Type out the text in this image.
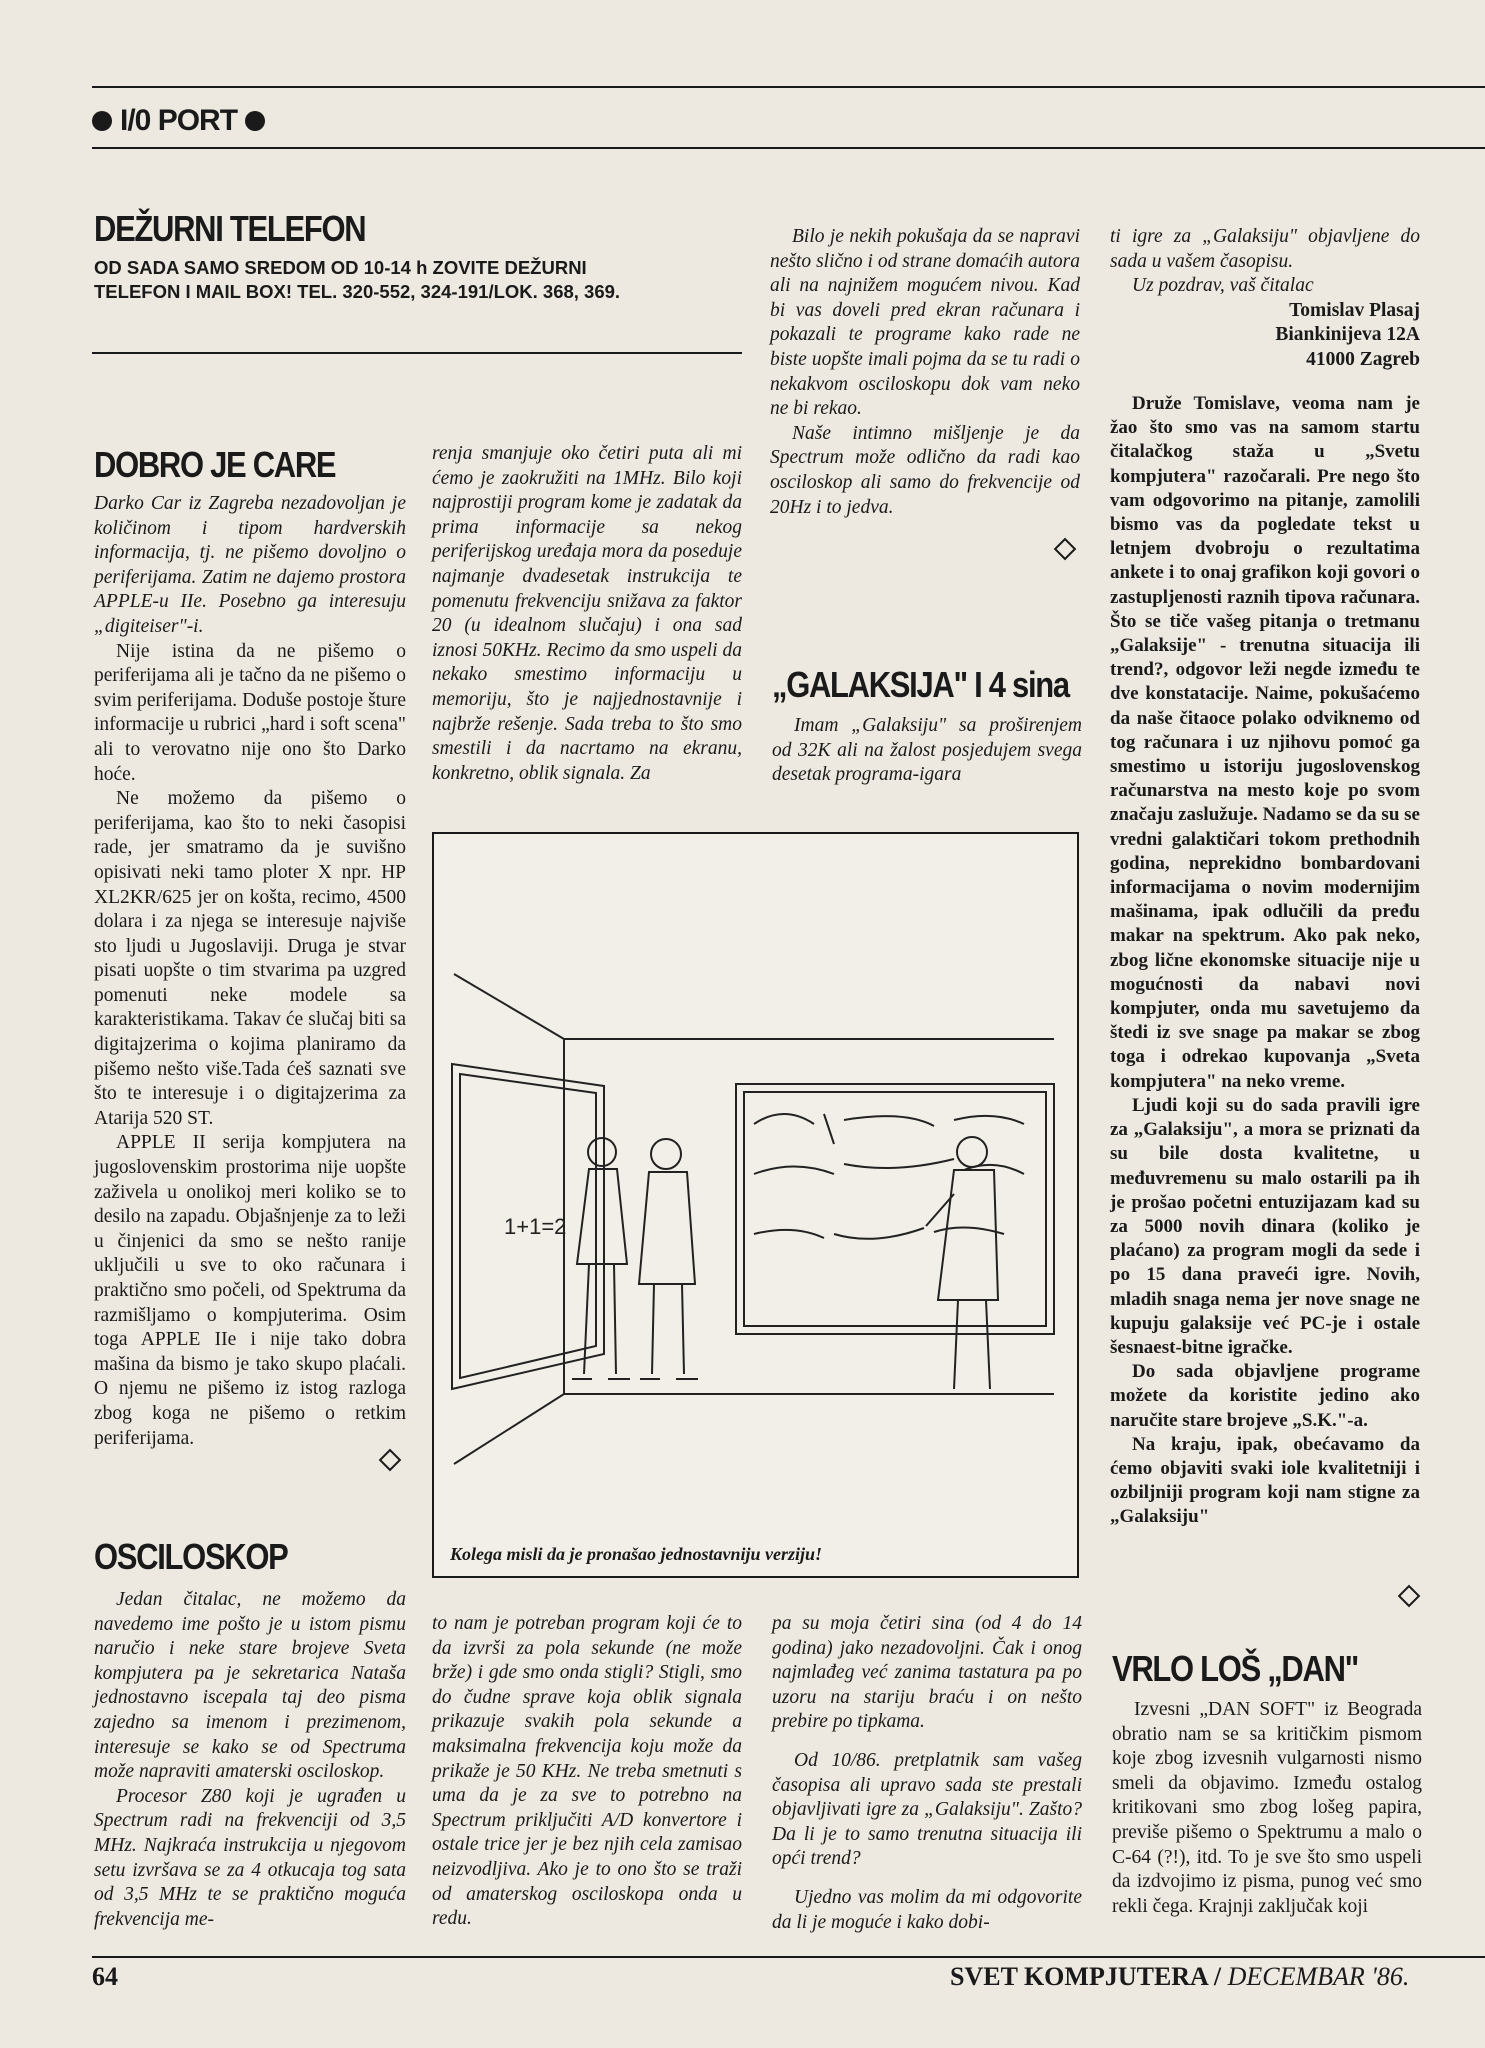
I/0 PORT
DEŽURNI TELEFON
OD SADA SAMO SREDOM OD 10-14 h ZOVITE DEŽURNI TELEFON I MAIL BOX! TEL. 320-552, 324-191/LOK. 368, 369.
DOBRO JE CARE

Darko Car iz Zagreba nezadovoljan je količinom i tipom hardverskih informacija, tj. ne pišemo dovoljno o periferijama. Zatim ne dajemo prostora APPLE-u IIe. Posebno ga interesuju „digiteiser"-i.

Nije istina da ne pišemo o periferijama ali je tačno da ne pišemo o svim periferijama. Doduše postoje šture informacije u rubrici „hard i soft scena" ali to verovatno nije ono što Darko hoće.

Ne možemo da pišemo o periferijama, kao što to neki časopisi rade, jer smatramo da je suvišno opisivati neki tamo ploter X npr. HP XL2KR/625 jer on košta, recimo, 4500 dolara i za njega se interesuje najviše sto ljudi u Jugoslaviji. Druga je stvar pisati uopšte o tim stvarima pa uzgred pomenuti neke modele sa karakteristikama. Takav će slučaj biti sa digitajzerima o kojima planiramo da pišemo nešto više.Tada ćeš saznati sve što te interesuje i o digitajzerima za Atarija 520 ST.

APPLE II serija kompjutera na jugoslovenskim prostorima nije uopšte zaživela u onolikoj meri koliko se to desilo na zapadu. Objašnjenje za to leži u činjenici da smo se nešto ranije uključili u sve to oko računara i praktično smo počeli, od Spektruma da razmišljamo o kompjuterima. Osim toga APPLE IIe i nije tako dobra mašina da bismo je tako skupo plaćali. O njemu ne pišemo iz istog razloga zbog koga ne pišemo o retkim periferijama.

renja smanjuje oko četiri puta ali mi ćemo je zaokružiti na 1MHz. Bilo koji najprostiji program kome je zadatak da prima informacije sa nekog periferijskog uređaja mora da poseduje najmanje dvadesetak instrukcija te pomenutu frekvenciju snižava za faktor 20 (u idealnom slučaju) i ona sad iznosi 50KHz. Recimo da smo uspeli da nekako smestimo informaciju u memoriju, što je najjednostavnije i najbrže rešenje. Sada treba to što smo smestili i da nacrtamo na ekranu, konkretno, oblik signala. Za

Bilo je nekih pokušaja da se napravi nešto slično i od strane domaćih autora ali na najnižem mogućem nivou. Kad bi vas doveli pred ekran računara i pokazali te programe kako rade ne biste uopšte imali pojma da se tu radi o nekakvom osciloskopu dok vam neko ne bi rekao.

Naše intimno mišljenje je da Spectrum može odlično da radi kao osciloskop ali samo do frekvencije od 20Hz i to jedva.

„GALAKSIJA" I 4 sina

Imam „Galaksiju" sa proširenjem od 32K ali na žalost posjedujem svega desetak programa-igara

ti igre za „Galaksiju" objavljene do sada u vašem časopisu.

Uz pozdrav, vaš čitalac

Tomislav Plasaj
Biankinijeva 12A
41000 Zagreb

Druže Tomislave, veoma nam je žao što smo vas na samom startu čitalačkog staža u „Svetu kompjutera" razočarali. Pre nego što vam odgovorimo na pitanje, zamolili bismo vas da pogledate tekst u letnjem dvobroju o rezultatima ankete i to onaj grafikon koji govori o zastupljenosti raznih tipova računara. Što se tiče vašeg pitanja o tretmanu „Galaksije" - trenutna situacija ili trend?, odgovor leži negde između te dve konstatacije. Naime, pokušaćemo da naše čitaoce polako odviknemo od tog računara i uz njihovu pomoć ga smestimo u istoriju jugoslovenskog računarstva na mesto koje po svom značaju zaslužuje. Nadamo se da su se vredni galaktičari tokom prethodnih godina, neprekidno bombardovani informacijama o novim modernijim mašinama, ipak odlučili da pređu makar na spektrum. Ako pak neko, zbog lične ekonomske situacije nije u mogućnosti da nabavi novi kompjuter, onda mu savetujemo da štedi iz sve snage pa makar se zbog toga i odrekao kupovanja „Sveta kompjutera" na neko vreme.

Ljudi koji su do sada pravili igre za „Galaksiju", a mora se priznati da su bile dosta kvalitetne, u međuvremenu su malo ostarili pa ih je prošao početni entuzijazam kad su za 5000 novih dinara (koliko je plaćano) za program mogli da sede i po 15 dana praveći igre. Novih, mladih snaga nema jer nove snage ne kupuju galaksije već PC-je i ostale šesnaest-bitne igračke.

Do sada objavljene programe možete da koristite jedino ako naručite stare brojeve „S.K."-a.

Na kraju, ipak, obećavamo da ćemo objaviti svaki iole kvalitetniji i ozbiljniji program koji nam stigne za „Galaksiju"

VRLO LOŠ „DAN"

Izvesni „DAN SOFT" iz Beograda obratio nam se sa kritičkim pismom koje zbog izvesnih vulgarnosti nismo smeli da objavimo. Između ostalog kritikovani smo zbog lošeg papira, previše pišemo o Spektrumu a malo o C-64 (?!), itd. To je sve što smo uspeli da izdvojimo iz pisma, punog već smo rekli čega. Krajnji zaključak koji

1+1=2
Kolega misli da je pronašao jednostavniju verziju!
OSCILOSKOP

Jedan čitalac, ne možemo da navedemo ime pošto je u istom pismu naručio i neke stare brojeve Sveta kompjutera pa je sekretarica Nataša jednostavno iscepala taj deo pisma zajedno sa imenom i prezimenom, interesuje se kako se od Spectruma može napraviti amaterski osciloskop.

Procesor Z80 koji je ugrađen u Spectrum radi na frekvenciji od 3,5 MHz. Najkraća instrukcija u njegovom setu izvršava se za 4 otkucaja tog sata od 3,5 MHz te se praktično moguća frekvencija me-

to nam je potreban program koji će to da izvrši za pola sekunde (ne može brže) i gde smo onda stigli? Stigli, smo do čudne sprave koja oblik signala prikazuje svakih pola sekunde a maksimalna frekvencija koju može da prikaže je 50 KHz. Ne treba smetnuti s uma da je za sve to potrebno na Spectrum priključiti A/D konvertore i ostale trice jer je bez njih cela zamisao neizvodljiva. Ako je to ono što se traži od amaterskog osciloskopa onda u redu.

pa su moja četiri sina (od 4 do 14 godina) jako nezadovoljni. Čak i onog najmlađeg već zanima tastatura pa po uzoru na stariju braću i on nešto prebire po tipkama.

Od 10/86. pretplatnik sam vašeg časopisa ali upravo sada ste prestali objavljivati igre za „Galaksiju". Zašto? Da li je to samo trenutna situacija ili opći trend?

Ujedno vas molim da mi odgovorite da li je moguće i kako dobi-

64	SVET KOMPJUTERA / DECEMBAR '86.
